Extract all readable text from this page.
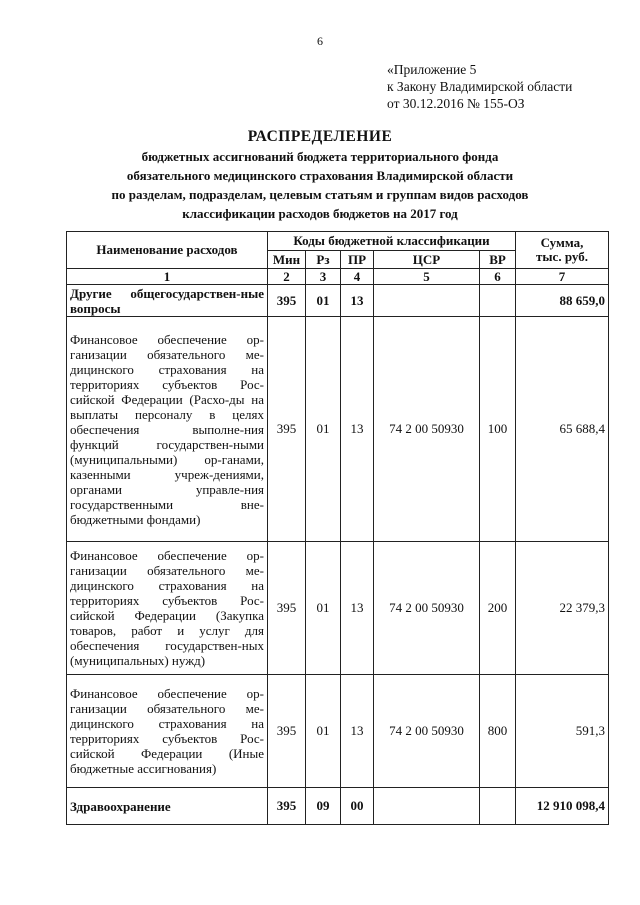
6
«Приложение 5
к Закону Владимирской области
от 30.12.2016 № 155-ОЗ
РАСПРЕДЕЛЕНИЕ
бюджетных ассигнований бюджета территориального фонда
обязательного медицинского страхования Владимирской области
по разделам, подразделам, целевым статьям и группам видов расходов
классификации расходов бюджетов на 2017 год
Наименование расходов	Коды бюджетной классификации					Сумма,
тыс. руб.

	Мин	Рз	ПР	ЦСР	ВР	
1	2	3	4	5	6	7
Другие общегосударствен-ные вопросы	395	01	13			88 659,0
Финансовое обеспечение ор-ганизации обязательного ме-дицинского страхования на территориях субъектов Рос-сийской Федерации (Расхо-ды на выплаты персоналу в целях обеспечения выполне-ния функций государствен-ными (муниципальными) ор-ганами, казенными учреж-дениями, органами управле-ния государственными вне-бюджетными фондами)	395	01	13	74 2 00 50930	100	65 688,4
Финансовое обеспечение ор-ганизации обязательного ме-дицинского страхования на территориях субъектов Рос-сийской Федерации (Закупка товаров, работ и услуг для обеспечения государствен-ных (муниципальных) нужд)	395	01	13	74 2 00 50930	200	22 379,3
Финансовое обеспечение ор-ганизации обязательного ме-дицинского страхования на территориях субъектов Рос-сийской Федерации (Иные бюджетные ассигнования)	395	01	13	74 2 00 50930	800	591,3
Здравоохранение	395	09	00			12 910 098,4
